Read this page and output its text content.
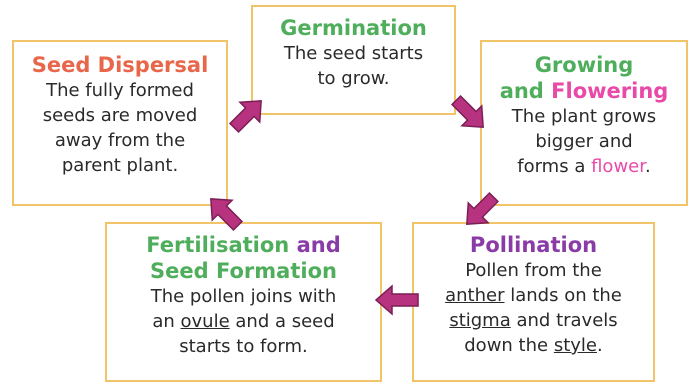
Seed Dispersal
The fully formed
seeds are moved
away from the
parent plant.
Germination
The seed starts
to grow.
Growing
and Flowering
The plant grows
bigger and
forms a flower.
Pollination
Pollen from the
anther lands on the
stigma and travels
down the style.
Fertilisation and
Seed Formation
The pollen joins with
an ovule and a seed
starts to form.
